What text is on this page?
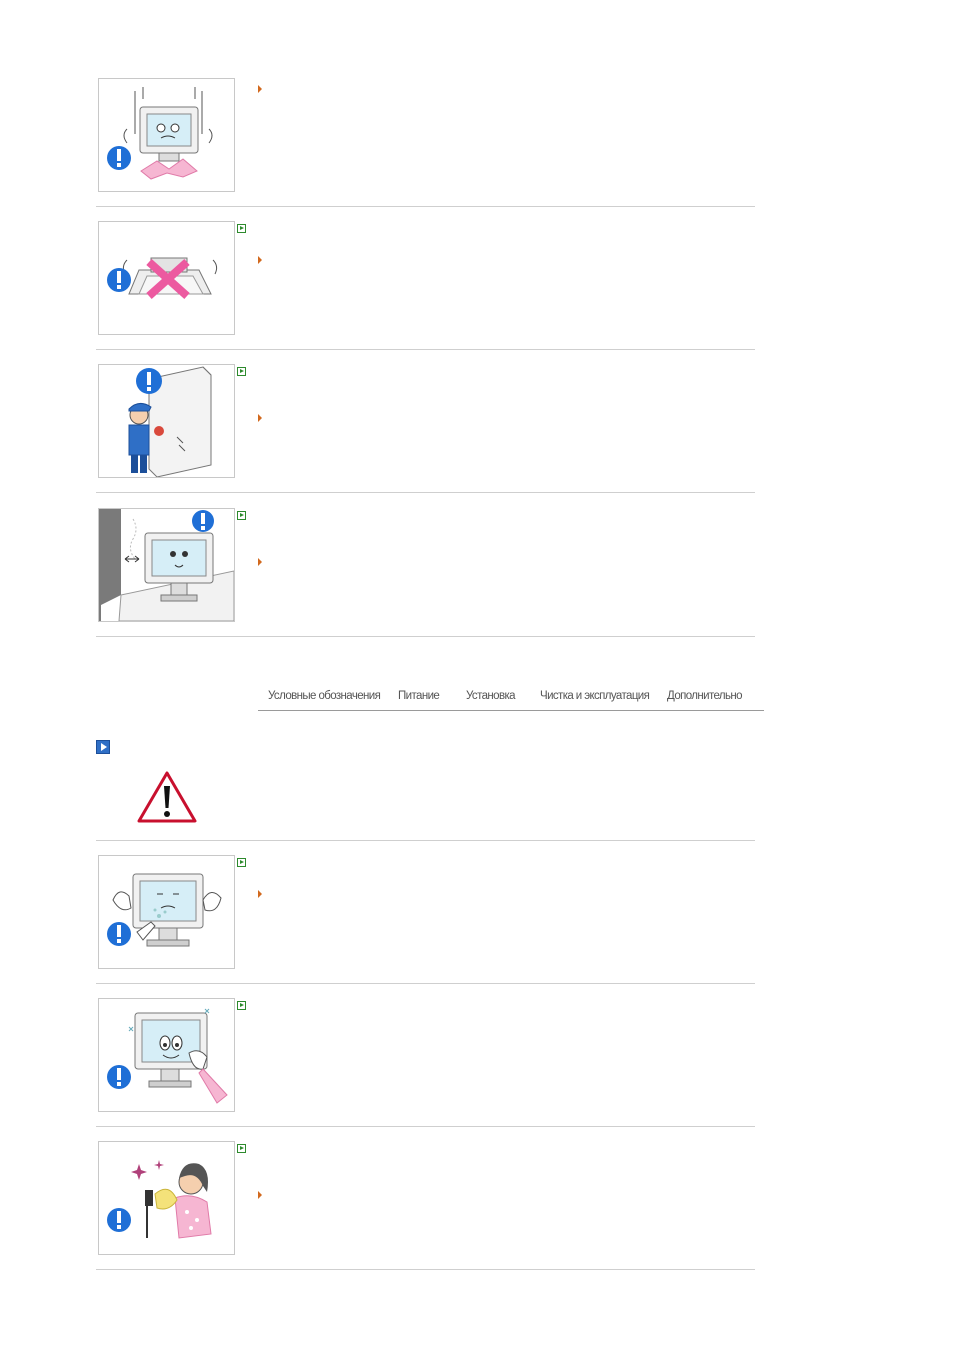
Условные обозначения Питание Установка Чистка и эксплуатация Дополнительно
